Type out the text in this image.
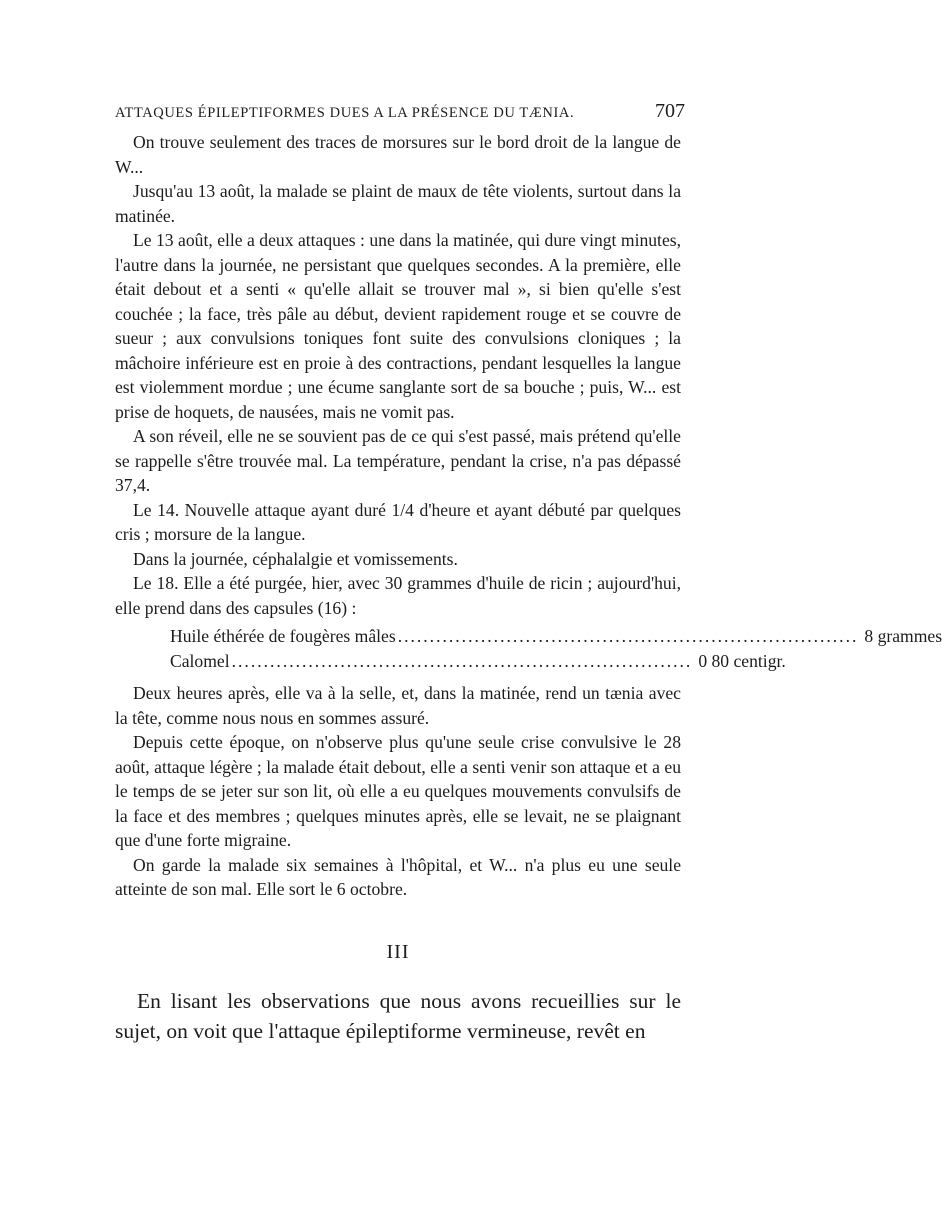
ATTAQUES ÉPILEPTIFORMES DUES A LA PRÉSENCE DU TÆNIA.	707

On trouve seulement des traces de morsures sur le bord droit de la langue de W...

Jusqu'au 13 août, la malade se plaint de maux de tête violents, surtout dans la matinée.

Le 13 août, elle a deux attaques : une dans la matinée, qui dure vingt minutes, l'autre dans la journée, ne persistant que quelques secondes. A la première, elle était debout et a senti « qu'elle allait se trouver mal », si bien qu'elle s'est couchée ; la face, très pâle au début, devient rapidement rouge et se couvre de sueur ; aux convulsions toniques font suite des convulsions cloniques ; la mâchoire inférieure est en proie à des contractions, pendant lesquelles la langue est violemment mordue ; une écume sanglante sort de sa bouche ; puis, W... est prise de hoquets, de nausées, mais ne vomit pas.

A son réveil, elle ne se souvient pas de ce qui s'est passé, mais prétend qu'elle se rappelle s'être trouvée mal. La température, pendant la crise, n'a pas dépassé 37,4.

Le 14. Nouvelle attaque ayant duré 1/4 d'heure et ayant débuté par quelques cris ; morsure de la langue.

Dans la journée, céphalalgie et vomissements.

Le 18. Elle a été purgée, hier, avec 30 grammes d'huile de ricin ; aujourd'hui, elle prend dans des capsules (16) :

Huile éthérée de fougères mâles ........................................................................ 8 grammes
Calomel ........................................................................ 0 80 centigr.

Deux heures après, elle va à la selle, et, dans la matinée, rend un tænia avec la tête, comme nous nous en sommes assuré.

Depuis cette époque, on n'observe plus qu'une seule crise convulsive le 28 août, attaque légère ; la malade était debout, elle a senti venir son attaque et a eu le temps de se jeter sur son lit, où elle a eu quelques mouvements convulsifs de la face et des membres ; quelques minutes après, elle se levait, ne se plaignant que d'une forte migraine.

On garde la malade six semaines à l'hôpital, et W... n'a plus eu une seule atteinte de son mal. Elle sort le 6 octobre.

III

En lisant les observations que nous avons recueillies sur le sujet, on voit que l'attaque épileptiforme vermineuse, revêt en
